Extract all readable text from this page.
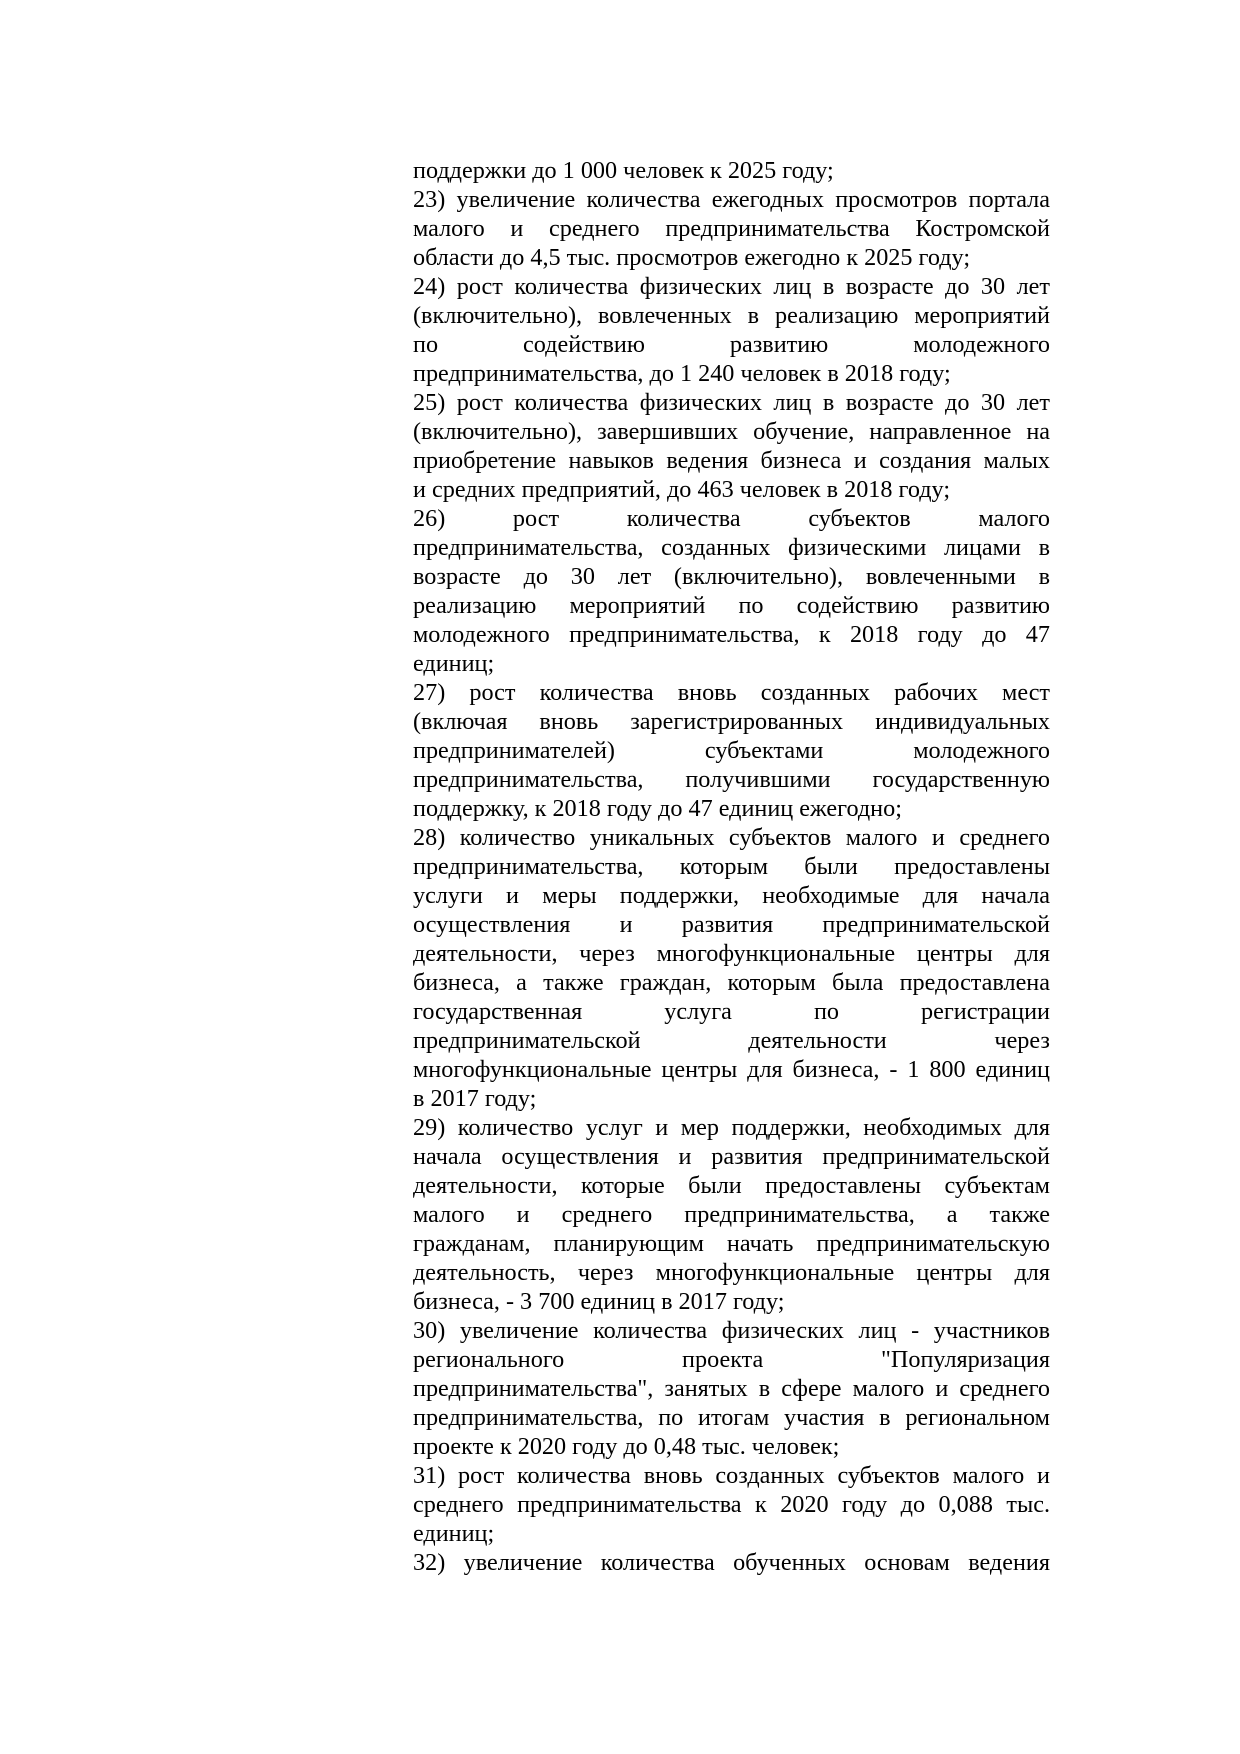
поддержки до 1 000 человек к 2025 году;
23) увеличение количества ежегодных просмотров портала
малого и среднего предпринимательства Костромской
области до 4,5 тыс. просмотров ежегодно к 2025 году;
24) рост количества физических лиц в возрасте до 30 лет
(включительно), вовлеченных в реализацию мероприятий
по содействию развитию молодежного
предпринимательства, до 1 240 человек в 2018 году;
25) рост количества физических лиц в возрасте до 30 лет
(включительно), завершивших обучение, направленное на
приобретение навыков ведения бизнеса и создания малых
и средних предприятий, до 463 человек в 2018 году;
26) рост количества субъектов малого
предпринимательства, созданных физическими лицами в
возрасте до 30 лет (включительно), вовлеченными в
реализацию мероприятий по содействию развитию
молодежного предпринимательства, к 2018 году до 47
единиц;
27) рост количества вновь созданных рабочих мест
(включая вновь зарегистрированных индивидуальных
предпринимателей) субъектами молодежного
предпринимательства, получившими государственную
поддержку, к 2018 году до 47 единиц ежегодно;
28) количество уникальных субъектов малого и среднего
предпринимательства, которым были предоставлены
услуги и меры поддержки, необходимые для начала
осуществления и развития предпринимательской
деятельности, через многофункциональные центры для
бизнеса, а также граждан, которым была предоставлена
государственная услуга по регистрации
предпринимательской деятельности через
многофункциональные центры для бизнеса, - 1 800 единиц
в 2017 году;
29) количество услуг и мер поддержки, необходимых для
начала осуществления и развития предпринимательской
деятельности, которые были предоставлены субъектам
малого и среднего предпринимательства, а также
гражданам, планирующим начать предпринимательскую
деятельность, через многофункциональные центры для
бизнеса, - 3 700 единиц в 2017 году;
30) увеличение количества физических лиц - участников
регионального проекта "Популяризация
предпринимательства", занятых в сфере малого и среднего
предпринимательства, по итогам участия в региональном
проекте к 2020 году до 0,48 тыс. человек;
31) рост количества вновь созданных субъектов малого и
среднего предпринимательства к 2020 году до 0,088 тыс.
единиц;
32) увеличение количества обученных основам ведения
